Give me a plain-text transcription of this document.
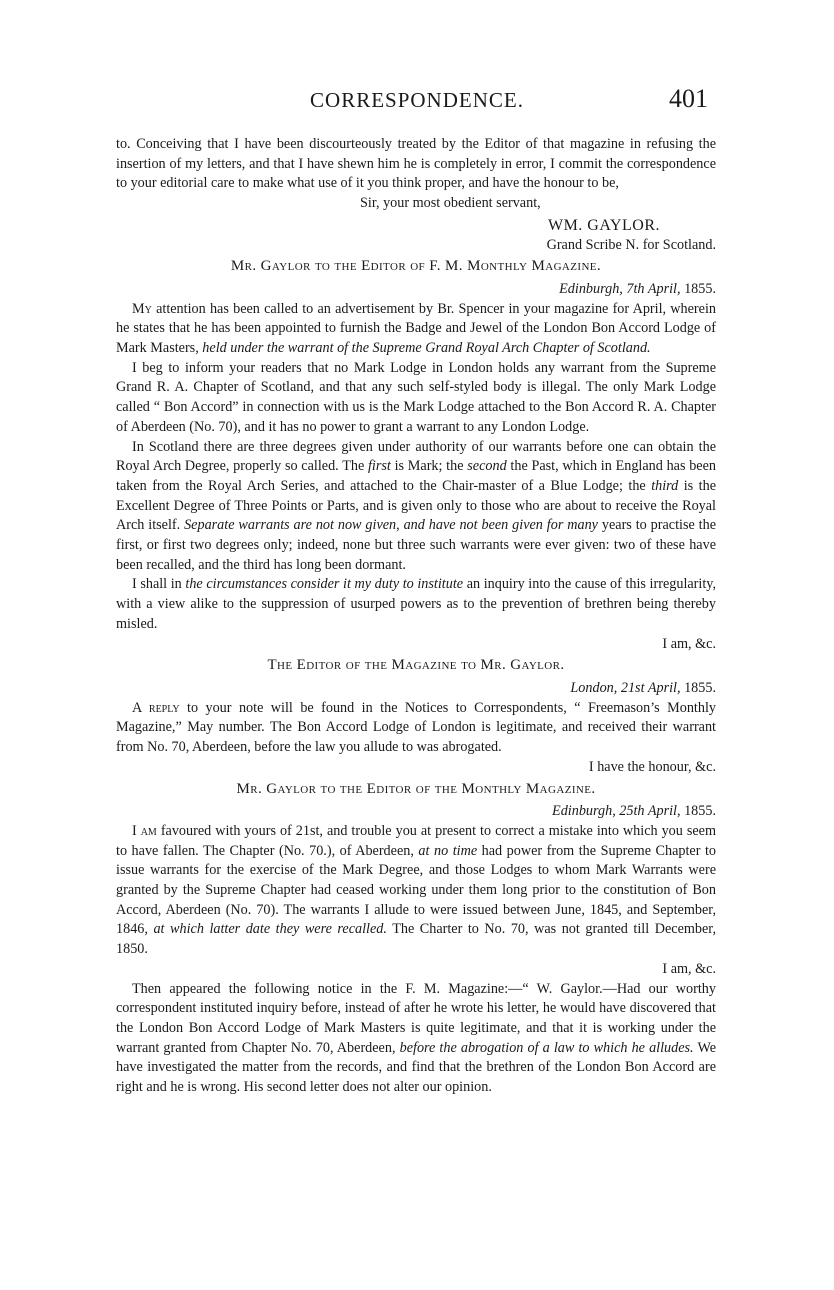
CORRESPONDENCE.	401

to. Conceiving that I have been discourteously treated by the Editor of that magazine in refusing the insertion of my letters, and that I have shewn him he is completely in error, I commit the correspondence to your editorial care to make what use of it you think proper, and have the honour to be,

Sir, your most obedient servant,

WM. GAYLOR.

Grand Scribe N. for Scotland.

Mr. Gaylor to the Editor of F. M. Monthly Magazine.

Edinburgh, 7th April, 1855.

My attention has been called to an advertisement by Br. Spencer in your magazine for April, wherein he states that he has been appointed to furnish the Badge and Jewel of the London Bon Accord Lodge of Mark Masters, held under the warrant of the Supreme Grand Royal Arch Chapter of Scotland.

I beg to inform your readers that no Mark Lodge in London holds any warrant from the Supreme Grand R. A. Chapter of Scotland, and that any such self-styled body is illegal. The only Mark Lodge called “ Bon Accord” in connection with us is the Mark Lodge attached to the Bon Accord R. A. Chapter of Aberdeen (No. 70), and it has no power to grant a warrant to any London Lodge.

In Scotland there are three degrees given under authority of our warrants before one can obtain the Royal Arch Degree, properly so called. The first is Mark; the second the Past, which in England has been taken from the Royal Arch Series, and attached to the Chair-master of a Blue Lodge; the third is the Excellent Degree of Three Points or Parts, and is given only to those who are about to receive the Royal Arch itself. Separate warrants are not now given, and have not been given for many years to practise the first, or first two degrees only; indeed, none but three such warrants were ever given: two of these have been recalled, and the third has long been dormant.

I shall in the circumstances consider it my duty to institute an inquiry into the cause of this irregularity, with a view alike to the suppression of usurped powers as to the prevention of brethren being thereby misled.

I am, &c.

The Editor of the Magazine to Mr. Gaylor.

London, 21st April, 1855.

A reply to your note will be found in the Notices to Correspondents, “ Freemason’s Monthly Magazine,” May number. The Bon Accord Lodge of London is legitimate, and received their warrant from No. 70, Aberdeen, before the law you allude to was abrogated.

I have the honour, &c.

Mr. Gaylor to the Editor of the Monthly Magazine.

Edinburgh, 25th April, 1855.

I am favoured with yours of 21st, and trouble you at present to correct a mistake into which you seem to have fallen. The Chapter (No. 70.), of Aberdeen, at no time had power from the Supreme Chapter to issue warrants for the exercise of the Mark Degree, and those Lodges to whom Mark Warrants were granted by the Supreme Chapter had ceased working under them long prior to the constitution of Bon Accord, Aberdeen (No. 70). The warrants I allude to were issued between June, 1845, and September, 1846, at which latter date they were recalled. The Charter to No. 70, was not granted till December, 1850.

I am, &c.

Then appeared the following notice in the F. M. Magazine:—“ W. Gaylor.—Had our worthy correspondent instituted inquiry before, instead of after he wrote his letter, he would have discovered that the London Bon Accord Lodge of Mark Masters is quite legitimate, and that it is working under the warrant granted from Chapter No. 70, Aberdeen, before the abrogation of a law to which he alludes. We have investigated the matter from the records, and find that the brethren of the London Bon Accord are right and he is wrong. His second letter does not alter our opinion.
